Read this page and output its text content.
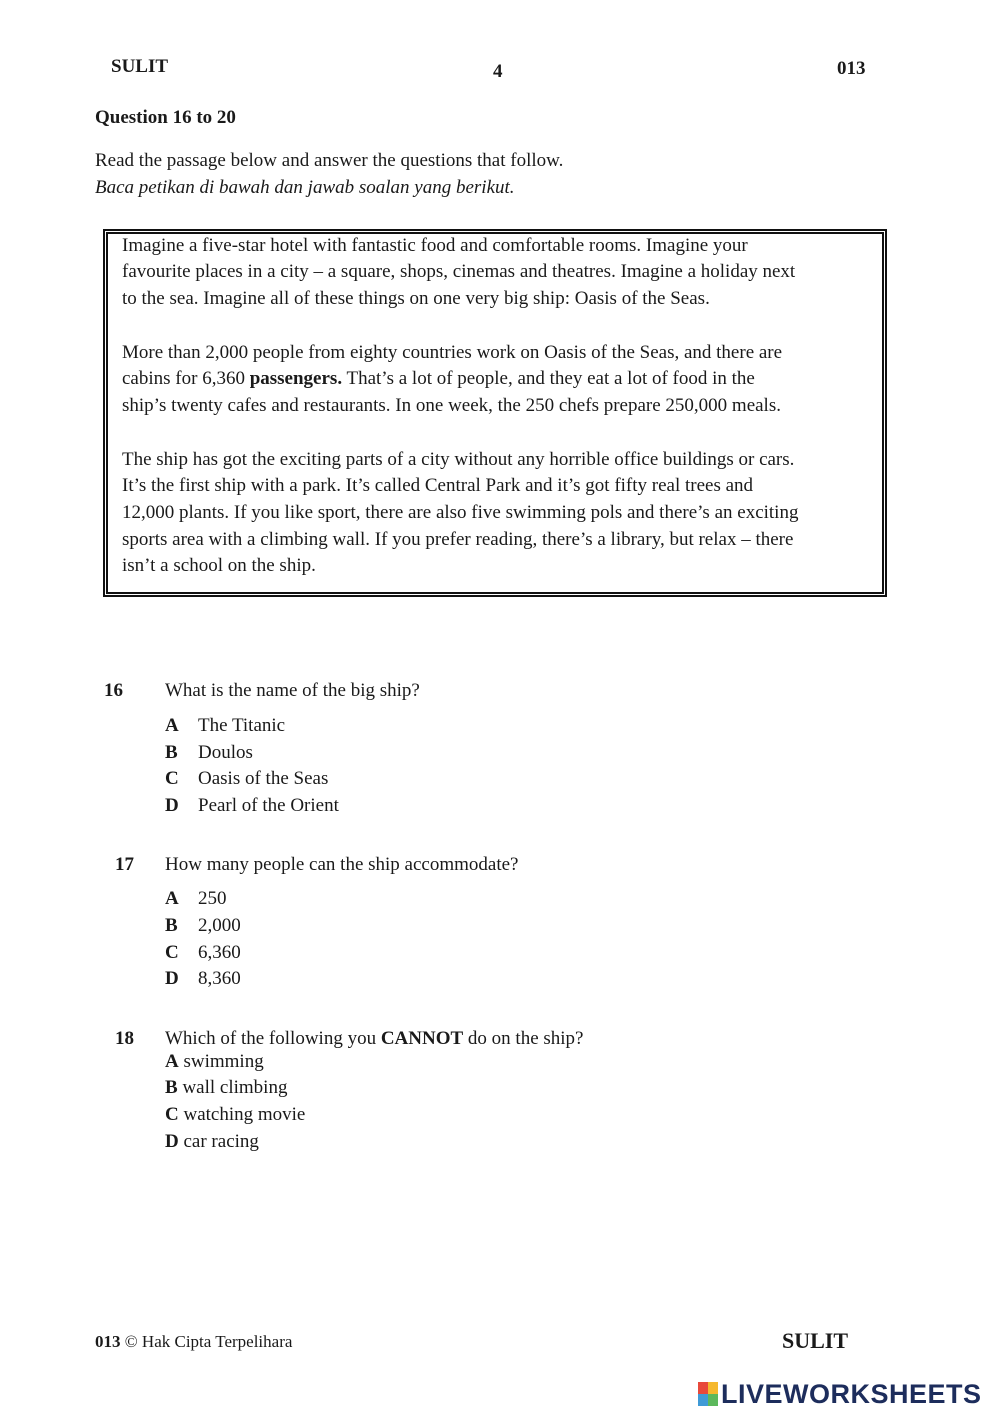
SULIT	4	013
Question 16 to 20
Read the passage below and answer the questions that follow.
Baca petikan di bawah dan jawab soalan yang berikut.
Imagine a five-star hotel with fantastic food and comfortable rooms. Imagine your
favourite places in a city – a square, shops, cinemas and theatres. Imagine a holiday next
to the sea. Imagine all of these things on one very big ship: Oasis of the Seas.
More than 2,000 people from eighty countries work on Oasis of the Seas, and there are
cabins for 6,360 passengers. That’s a lot of people, and they eat a lot of food in the
ship’s twenty cafes and restaurants. In one week, the 250 chefs prepare 250,000 meals.
The ship has got the exciting parts of a city without any horrible office buildings or cars.
It’s the first ship with a park. It’s called Central Park and it’s got fifty real trees and
12,000 plants. If you like sport, there are also five swimming pols and there’s an exciting
sports area with a climbing wall. If you prefer reading, there’s a library, but relax – there
isn’t a school on the ship.
16 What is the name of the big ship?
A The Titanic
B Doulos
C Oasis of the Seas
D Pearl of the Orient
17 How many people can the ship accommodate?
A 250
B 2,000
C 6,360
D 8,360
18 Which of the following you CANNOT do on the ship?
A swimming
B wall climbing
C watching movie
D car racing
013 © Hak Cipta Terpelihara	SULIT
LIVEWORKSHEETS
